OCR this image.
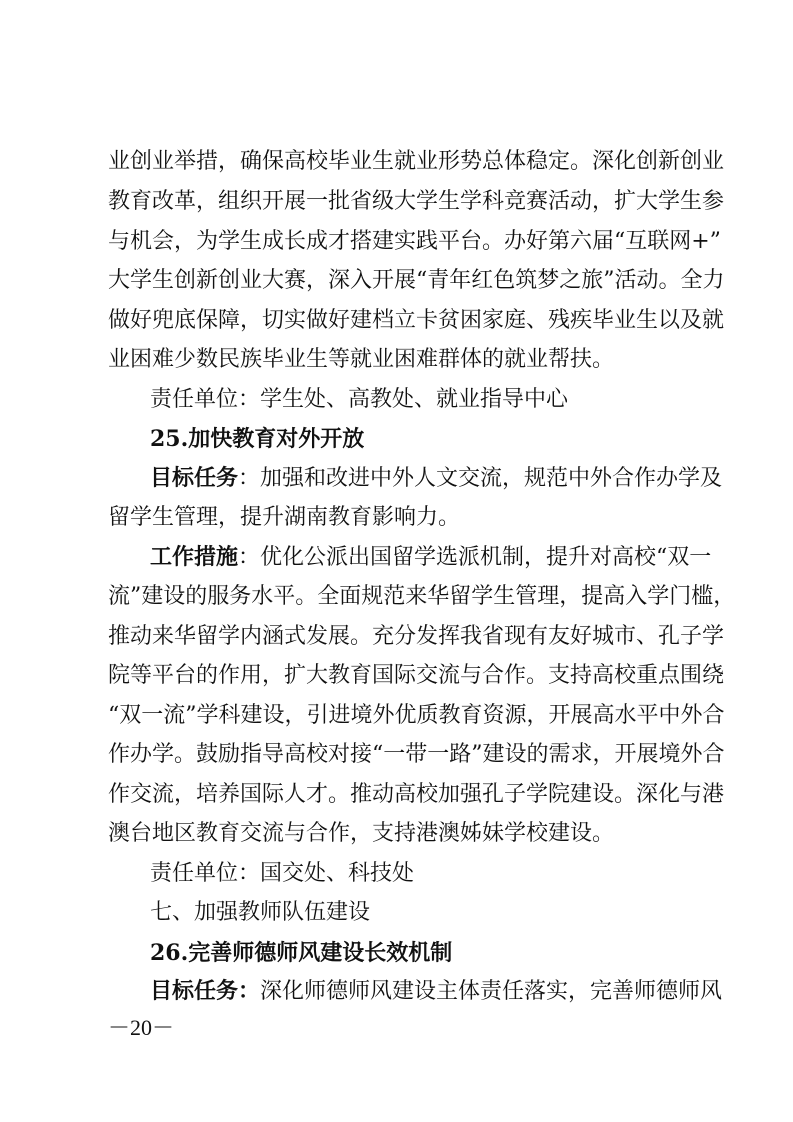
业创业举措，确保高校毕业生就业形势总体稳定。深化创新创业
教育改革，组织开展一批省级大学生学科竞赛活动，扩大学生参
与机会，为学生成长成才搭建实践平台。办好第六届“互联网+”
大学生创新创业大赛，深入开展“青年红色筑梦之旅”活动。全力
做好兜底保障，切实做好建档立卡贫困家庭、残疾毕业生以及就
业困难少数民族毕业生等就业困难群体的就业帮扶。
责任单位：学生处、高教处、就业指导中心
25.加快教育对外开放
目标任务：加强和改进中外人文交流，规范中外合作办学及
留学生管理，提升湖南教育影响力。
工作措施：优化公派出国留学选派机制，提升对高校“双一
流”建设的服务水平。全面规范来华留学生管理，提高入学门槛，
推动来华留学内涵式发展。充分发挥我省现有友好城市、孔子学
院等平台的作用，扩大教育国际交流与合作。支持高校重点围绕
“双一流”学科建设，引进境外优质教育资源，开展高水平中外合
作办学。鼓励指导高校对接“一带一路”建设的需求，开展境外合
作交流，培养国际人才。推动高校加强孔子学院建设。深化与港
澳台地区教育交流与合作，支持港澳姊妹学校建设。
责任单位：国交处、科技处
七、加强教师队伍建设
26.完善师德师风建设长效机制
目标任务：深化师德师风建设主体责任落实，完善师德师风
－20－
